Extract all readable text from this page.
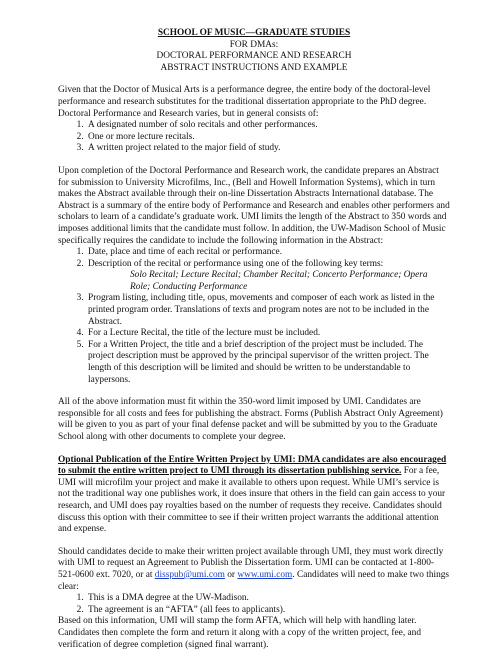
SCHOOL OF MUSIC—GRADUATE STUDIES
FOR DMAs:
DOCTORAL PERFORMANCE AND RESEARCH
ABSTRACT INSTRUCTIONS AND EXAMPLE

Given that the Doctor of Musical Arts is a performance degree, the entire body of the doctoral-level performance and research substitutes for the traditional dissertation appropriate to the PhD degree. Doctoral Performance and Research varies, but in general consists of:

1. A designated number of solo recitals and other performances.
2. One or more lecture recitals.
3. A written project related to the major field of study.

Upon completion of the Doctoral Performance and Research work, the candidate prepares an Abstract for submission to University Microfilms, Inc., (Bell and Howell Information Systems), which in turn makes the Abstract available through their on-line Dissertation Abstracts International database. The Abstract is a summary of the entire body of Performance and Research and enables other performers and scholars to learn of a candidate’s graduate work. UMI limits the length of the Abstract to 350 words and imposes additional limits that the candidate must follow. In addition, the UW-Madison School of Music specifically requires the candidate to include the following information in the Abstract:

1. Date, place and time of each recital or performance.
2. Description of the recital or performance using one of the following key terms:
Solo Recital; Lecture Recital; Chamber Recital; Concerto Performance; Opera Role; Conducting Performance
3. Program listing, including title, opus, movements and composer of each work as listed in the printed program order. Translations of texts and program notes are not to be included in the Abstract.
4. For a Lecture Recital, the title of the lecture must be included.
5. For a Written Project, the title and a brief description of the project must be included. The project description must be approved by the principal supervisor of the written project. The length of this description will be limited and should be written to be understandable to laypersons.

All of the above information must fit within the 350-word limit imposed by UMI. Candidates are responsible for all costs and fees for publishing the abstract. Forms (Publish Abstract Only Agreement) will be given to you as part of your final defense packet and will be submitted by you to the Graduate School along with other documents to complete your degree.

Optional Publication of the Entire Written Project by UMI: DMA candidates are also encouraged to submit the entire written project to UMI through its dissertation publishing service. For a fee, UMI will microfilm your project and make it available to others upon request. While UMI’s service is not the traditional way one publishes work, it does insure that others in the field can gain access to your research, and UMI does pay royalties based on the number of requests they receive. Candidates should discuss this option with their committee to see if their written project warrants the additional attention and expense.

Should candidates decide to make their written project available through UMI, they must work directly with UMI to request an Agreement to Publish the Dissertation form. UMI can be contacted at 1-800-521-0600 ext. 7020, or at disspub@umi.com or www.umi.com. Candidates will need to make two things clear:

1. This is a DMA degree at the UW-Madison.
2. The agreement is an “AFTA” (all fees to applicants).

Based on this information, UMI will stamp the form AFTA, which will help with handling later. Candidates then complete the form and return it along with a copy of the written project, fee, and verification of degree completion (signed final warrant).
